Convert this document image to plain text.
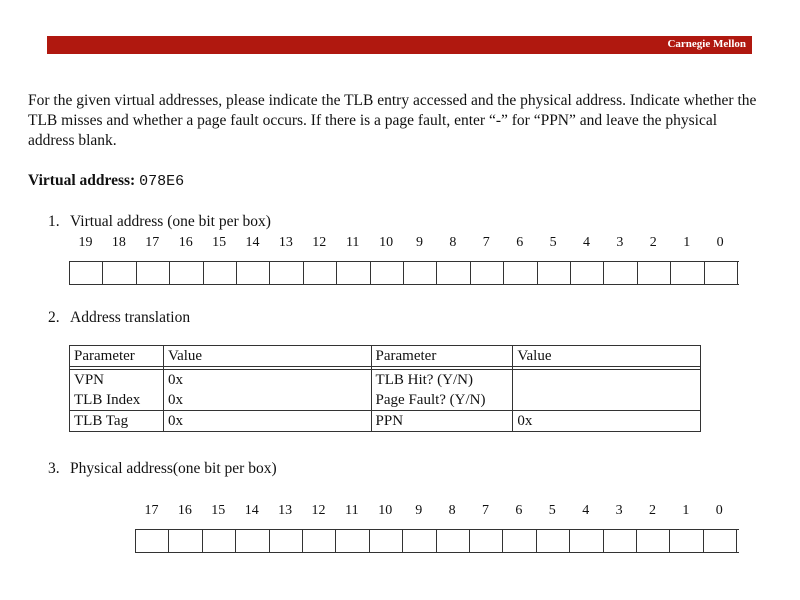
Carnegie Mellon
For the given virtual addresses, please indicate the TLB entry accessed and the physical address. Indicate whether the TLB misses and whether a page fault occurs. If there is a page fault, enter “-” for “PPN” and leave the physical address blank.
Virtual address: 078E6
1. Virtual address (one bit per box)
19	18	17	16	15	14	13	12	11	10	9	8	7	6	5	4	3	2	1	0
2. Address translation
Parameter	Value	Parameter	Value

VPN	0x	TLB Hit? (Y/N)	
TLB Index	0x	Page Fault? (Y/N)	
TLB Tag	0x	PPN	0x
3. Physical address(one bit per box)
17	16	15	14	13	12	11	10	9	8	7	6	5	4	3	2	1	0
